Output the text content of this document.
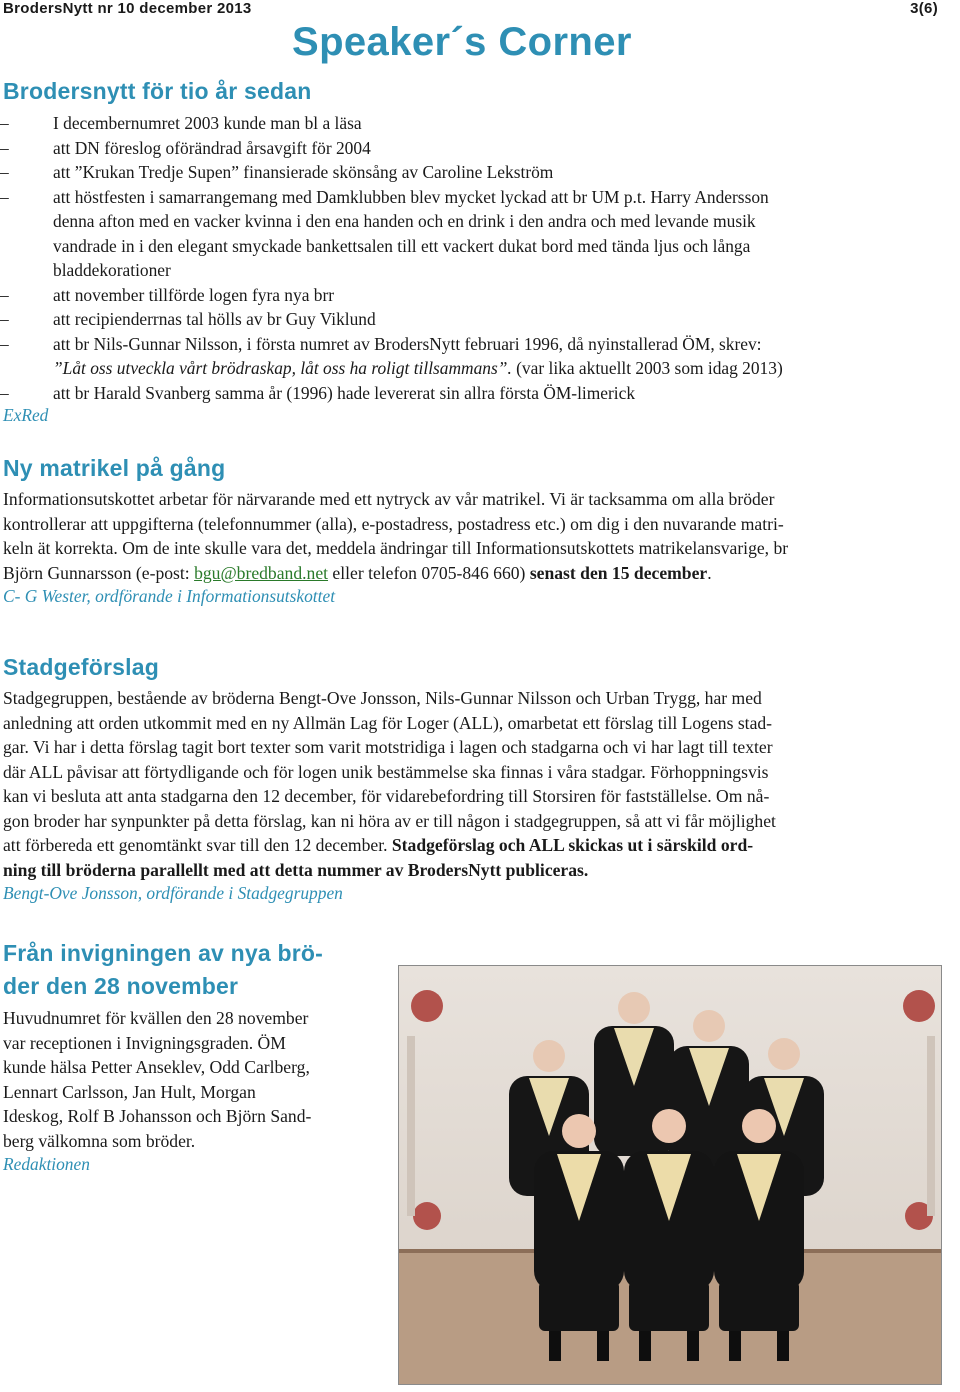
BrodersNytt nr 10 december 2013	3(6)
Speaker´s Corner
Brodersnytt för tio år sedan
–	I decembernumret 2003 kunde man bl a läsa
–	att DN föreslog oförändrad årsavgift för 2004
–	att ”Krukan Tredje Supen” finansierade skönsång av Caroline Lekström
–	att höstfesten i samarrangemang med Damklubben blev mycket lyckad att br UM p.t. Harry Andersson
denna afton med en vacker kvinna i den ena handen och en drink i den andra och med levande musik
vandrade in i den elegant smyckade bankettsalen till ett vackert dukat bord med tända ljus och långa
bladdekorationer
–	att november tillförde logen fyra nya brr
–	att recipienderrnas tal hölls av br Guy Viklund
–	att br Nils-Gunnar Nilsson, i första numret av BrodersNytt februari 1996, då nyinstallerad ÖM, skrev:
”Låt oss utveckla vårt brödraskap, låt oss ha roligt tillsammans”. (var lika aktuellt 2003 som idag 2013)
–	att br Harald Svanberg samma år (1996) hade levererat sin allra första ÖM-limerick
ExRed
Ny matrikel på gång
Informationsutskottet arbetar för närvarande med ett nytryck av vår matrikel. Vi är tacksamma om alla bröder
kontrollerar att uppgifterna (telefonnummer (alla), e-postadress, postadress etc.) om dig i den nuvarande matri-
keln ät korrekta. Om de inte skulle vara det, meddela ändringar till Informationsutskottets matrikelansvarige, br
Björn Gunnarsson (e-post: bgu@bredband.net eller telefon 0705-846 660) senast den 15 december.
C- G Wester, ordförande i Informationsutskottet
Stadgeförslag
Stadgegruppen, bestående av bröderna Bengt-Ove Jonsson, Nils-Gunnar Nilsson och Urban Trygg, har med
anledning att orden utkommit med en ny Allmän Lag för Loger (ALL), omarbetat ett förslag till Logens stad-
gar. Vi har i detta förslag tagit bort texter som varit motstridiga i lagen och stadgarna och vi har lagt till texter
där ALL påvisar att förtydligande och för logen unik bestämmelse ska finnas i våra stadgar. Förhoppningsvis
kan vi besluta att anta stadgarna den 12 december, för vidarebefordring till Storsiren för fastställelse. Om nå-
gon broder har synpunkter på detta förslag, kan ni höra av er till någon i stadgegruppen, så att vi får möjlighet
att förbereda ett genomtänkt svar till den 12 december. Stadgeförslag och ALL skickas ut i särskild ord-
ning till bröderna parallellt med att detta nummer av BrodersNytt publiceras.
Bengt-Ove Jonsson, ordförande i Stadgegruppen
Från invigningen av nya brö-
der den 28 november
Huvudnumret för kvällen den 28 november
var receptionen i Invigningsgraden. ÖM
kunde hälsa Petter Anseklev, Odd Carlberg,
Lennart Carlsson, Jan Hult, Morgan
Ideskog, Rolf B Johansson och Björn Sand-
berg välkomna som bröder.
Redaktionen
